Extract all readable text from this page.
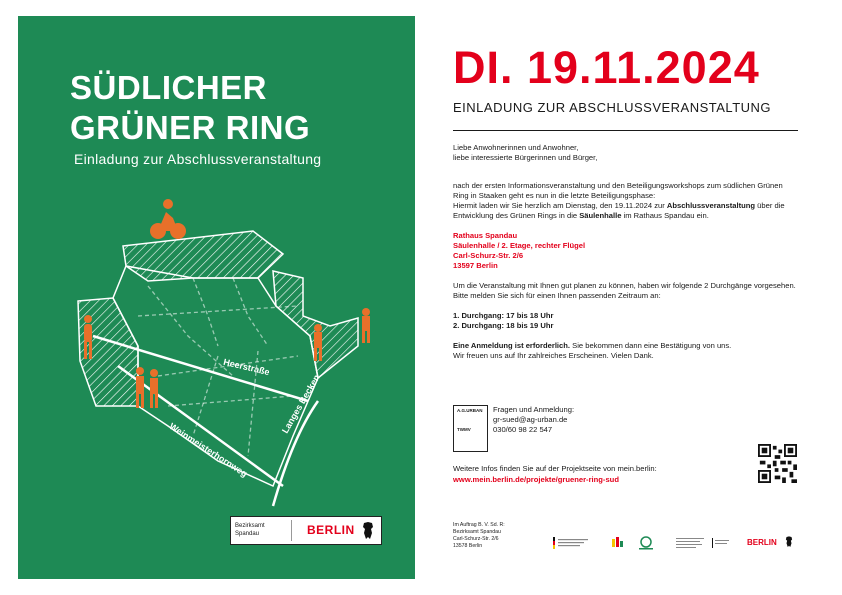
SÜDLICHER GRÜNER RING
Einladung zur Abschlussveranstaltung
Heerstraße
Weinmeisterhornweg
Langes Becken
Bezirksamt Spandau	BERLIN
DI. 19.11.2024
EINLADUNG ZUR ABSCHLUSSVERANSTALTUNG

Liebe Anwohnerinnen und Anwohner,
liebe interessierte Bürgerinnen und Bürger,

nach der ersten Informationsveranstaltung und den Beteiligungsworkshops zum südlichen Grünen Ring in Staaken geht es nun in die letzte Beteiligungsphase:
Hiermit laden wir Sie herzlich am Dienstag, den 19.11.2024 zur Abschlussveranstaltung über die Entwicklung des Grünen Rings in die Säulenhalle im Rathaus Spandau ein.

Rathaus Spandau
Säulenhalle / 2. Etage, rechter Flügel
Carl-Schurz-Str. 2/6
13597 Berlin

Um die Veranstaltung mit Ihnen gut planen zu können, haben wir folgende 2 Durchgänge vorgesehen. Bitte melden Sie sich für einen Ihnen passenden Zeitraum an:

1. Durchgang: 17 bis 18 Uhr
2. Durchgang: 18 bis 19 Uhr

Eine Anmeldung ist erforderlich. Sie bekommen dann eine Bestätigung von uns.
Wir freuen uns auf Ihr zahlreiches Erscheinen. Vielen Dank.

A.G.URBAN
TWMV
Fragen und Anmeldung:
gr-sued@ag-urban.de
030/60 98 22 547
Weitere Infos finden Sie auf der Projektseite von mein.berlin:
www.mein.berlin.de/projekte/gruener-ring-sud
Im Auftrag B. V. Sd. R:
Bezirksamt Spandau
Carl-Schurz-Str. 2/6
13578 Berlin	BERLIN
